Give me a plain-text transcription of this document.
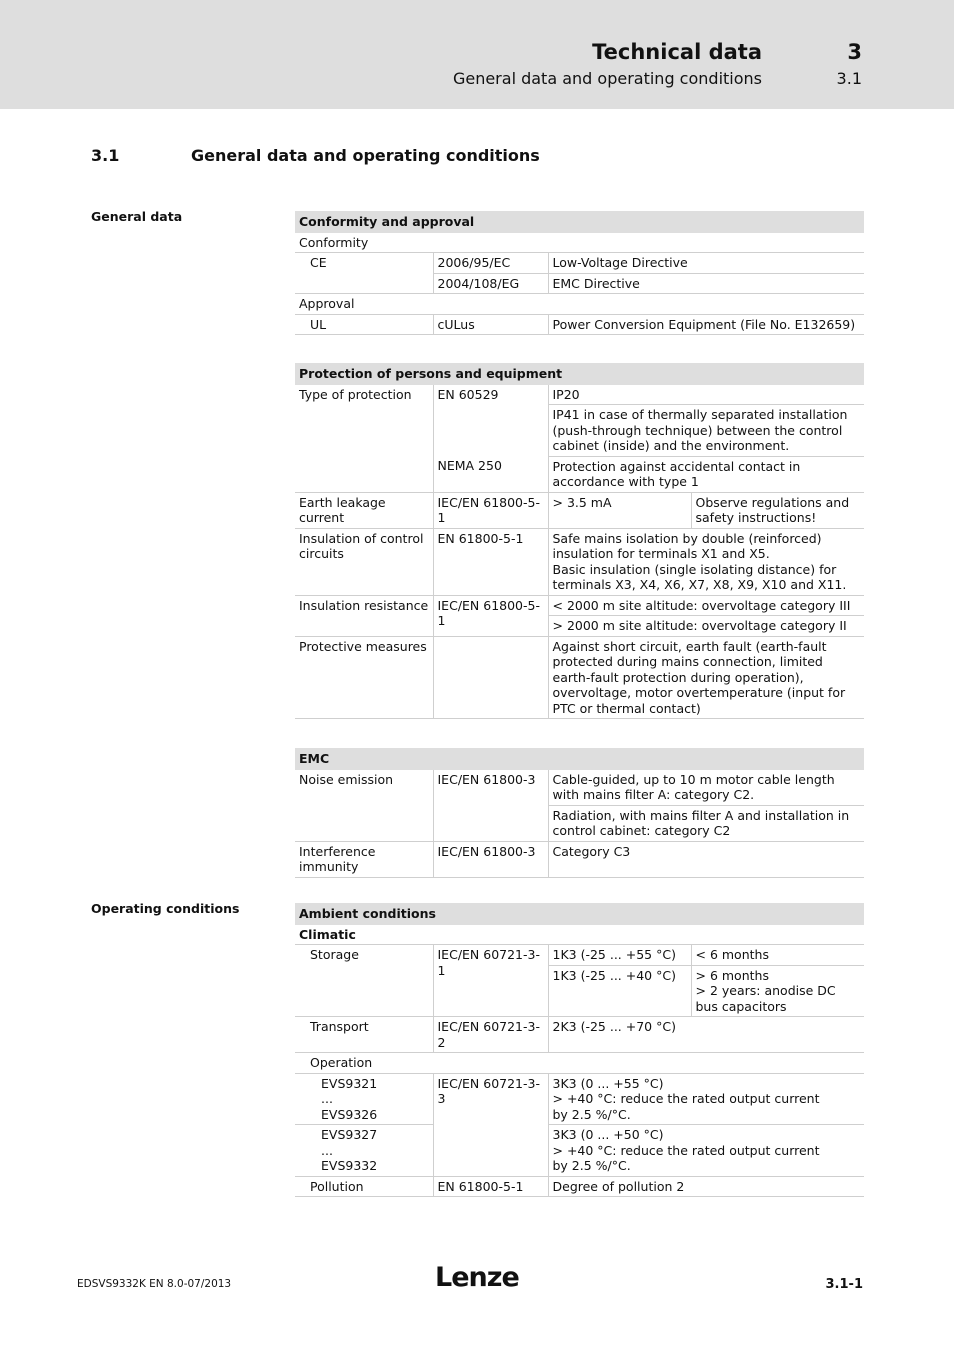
Technical data	3
General data and operating conditions	3.1
3.1	General data and operating conditions
General data
Operating conditions
Conformity and approval		
Conformity		
CE	2006/95/EC	Low-Voltage Directive
	2004/108/EG	EMC Directive
Approval		
UL	cULus	Power Conversion Equipment (File No. E132659)
Protection of persons and equipment			
Type of protection	EN 60529	IP20	
		IP41 in case of thermally separated installation (push-through technique) between the control cabinet (inside) and the environment.	
	NEMA 250	Protection against accidental contact in accordance with type 1	
Earth leakage current	IEC/EN 61800-5-1	> 3.5 mA	Observe regulations and safety instructions!
Insulation of control circuits	EN 61800-5-1	Safe mains isolation by double (reinforced) insulation for terminals X1 and X5.
Basic insulation (single isolating distance) for terminals X3, X4, X6, X7, X8, X9, X10 and X11.	
Insulation resistance	IEC/EN 61800-5-1	< 2000 m site altitude: overvoltage category III	
		> 2000 m site altitude: overvoltage category II	
Protective measures		Against short circuit, earth fault (earth-fault protected during mains connection, limited earth-fault protection during operation), overvoltage, motor overtemperature (input for PTC or thermal contact)	
EMC		
Noise emission	IEC/EN 61800-3	Cable-guided, up to 10 m motor cable length with mains filter A: category C2.
		Radiation, with mains filter A and installation in control cabinet: category C2
Interference immunity	IEC/EN 61800-3	Category C3
Ambient conditions			
Climatic			
Storage	IEC/EN 60721-3-1	1K3 (-25 ... +55 °C)	< 6 months
		1K3 (-25 ... +40 °C)	> 6 months
> 2 years: anodise DC bus capacitors
Transport	IEC/EN 60721-3-2	2K3 (-25 ... +70 °C)	
Operation			
EVS9321 ... EVS9326	IEC/EN 60721-3-3	3K3 (0 ... +55 °C)
> +40 °C: reduce the rated output current by 2.5 %/°C.	
EVS9327 ... EVS9332		3K3 (0 ... +50 °C)
> +40 °C: reduce the rated output current by 2.5 %/°C.	
Pollution	EN 61800-5-1	Degree of pollution 2	
EDSVS9332K EN 8.0-07/2013	Lenze	3.1-1
